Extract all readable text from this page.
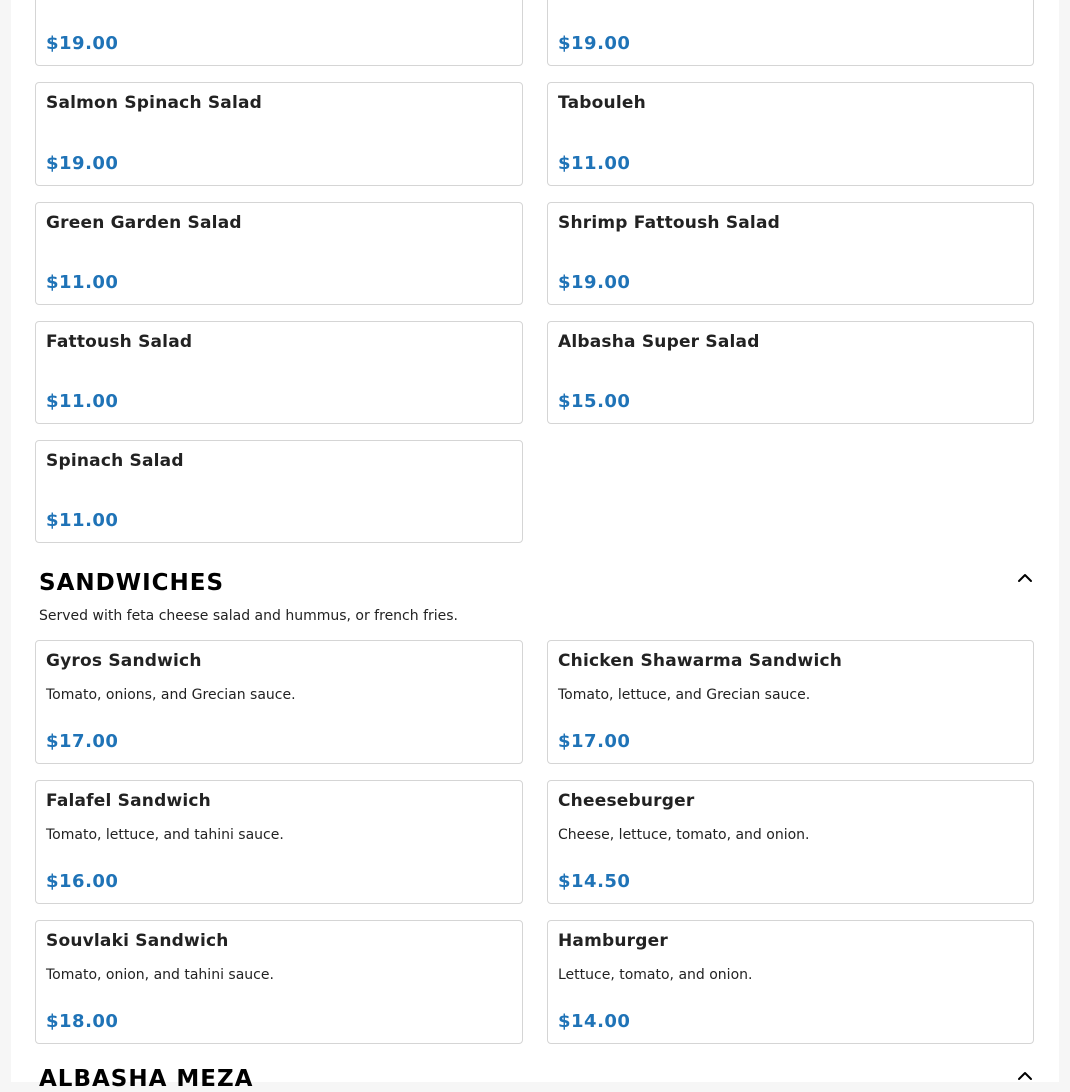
$19.00	$19.00
Salmon Spinach Salad
$19.00
Tabouleh
$11.00
Green Garden Salad
$11.00
Shrimp Fattoush Salad
$19.00
Fattoush Salad
$11.00
Albasha Super Salad
$15.00
Spinach Salad
$11.00
SANDWICHES
Served with feta cheese salad and hummus, or french fries.
Gyros Sandwich
Tomato, onions, and Grecian sauce.
$17.00
Chicken Shawarma Sandwich
Tomato, lettuce, and Grecian sauce.
$17.00
Falafel Sandwich
Tomato, lettuce, and tahini sauce.
$16.00
Cheeseburger
Cheese, lettuce, tomato, and onion.
$14.50
Souvlaki Sandwich
Tomato, onion, and tahini sauce.
$18.00
Hamburger
Lettuce, tomato, and onion.
$14.00
ALBASHA MEZA
